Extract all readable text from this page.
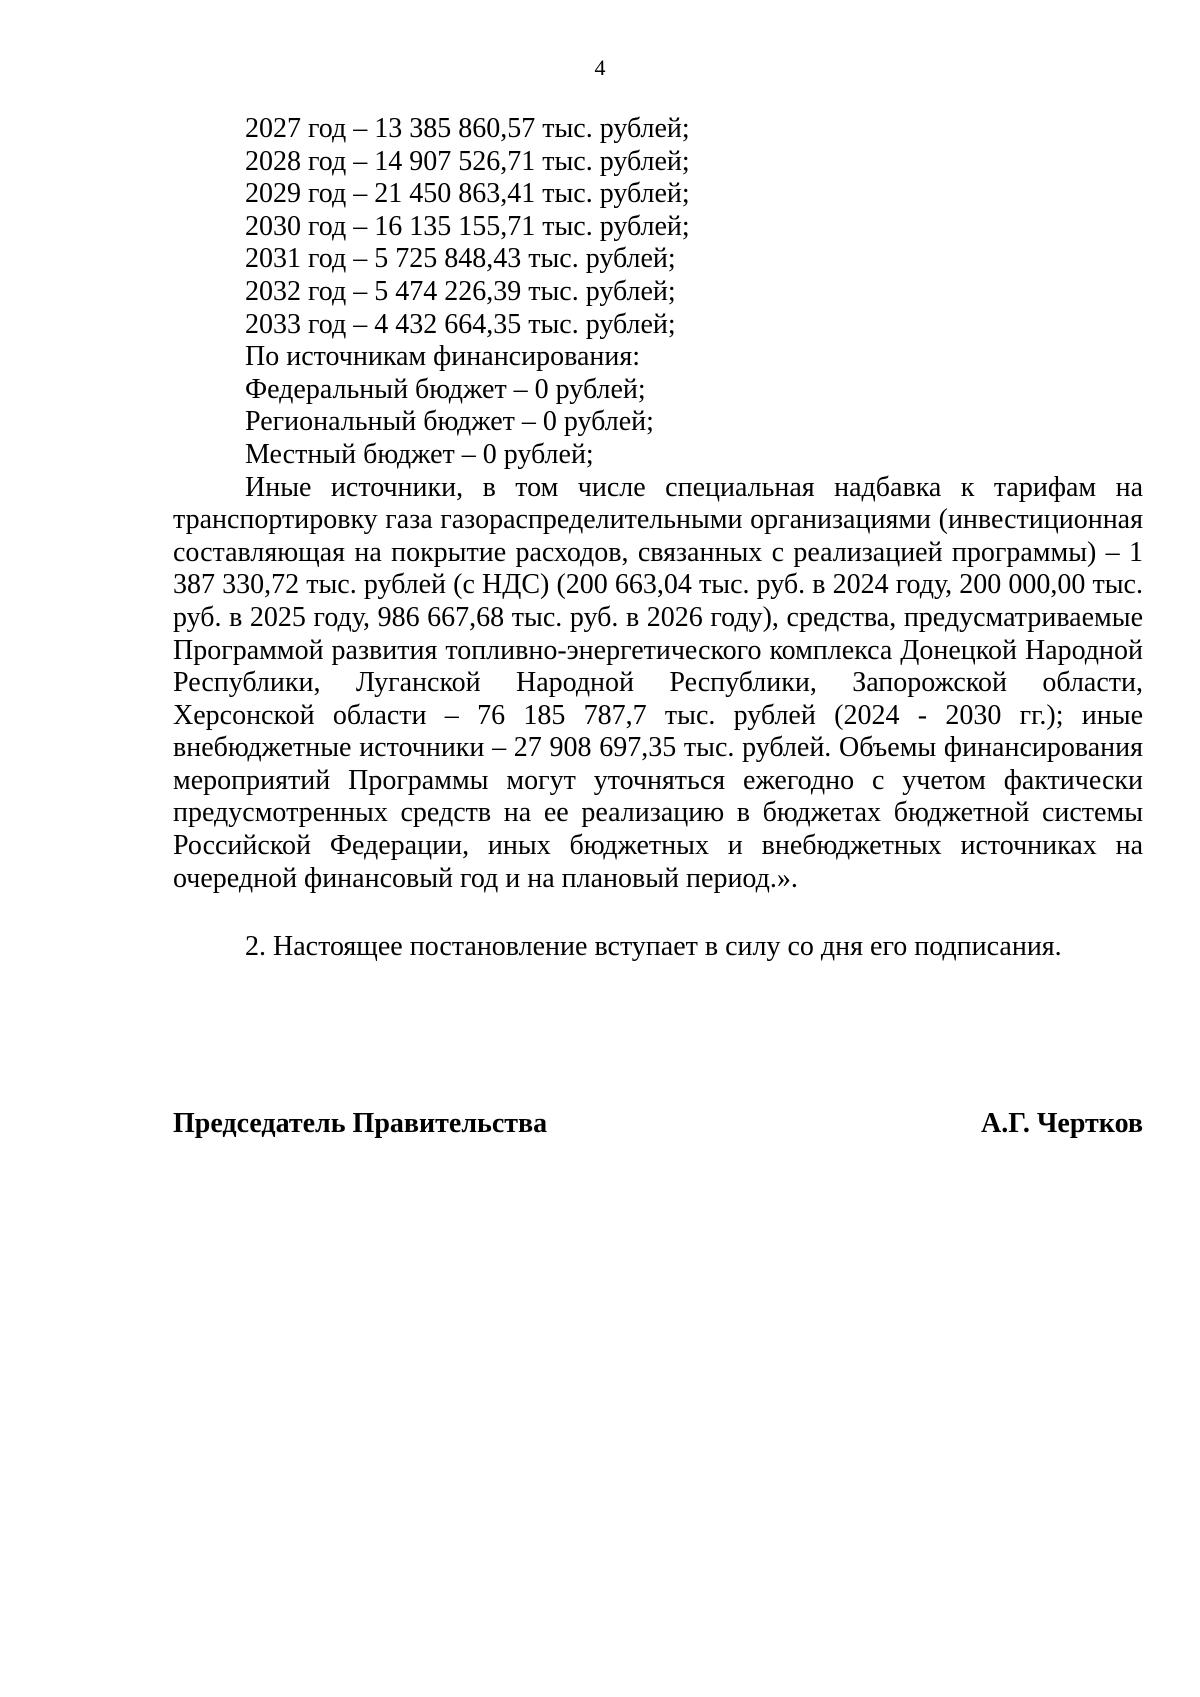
4

2027 год – 13 385 860,57 тыс. рублей;

2028 год – 14 907 526,71 тыс. рублей;

2029 год – 21 450 863,41 тыс. рублей;

2030 год – 16 135 155,71 тыс. рублей;

2031 год – 5 725 848,43 тыс. рублей;

2032 год – 5 474 226,39 тыс. рублей;

2033 год – 4 432 664,35 тыс. рублей;

По источникам финансирования:

Федеральный бюджет – 0 рублей;

Региональный бюджет – 0 рублей;

Местный бюджет – 0 рублей;

Иные источники, в том числе специальная надбавка к тарифам на транспортировку газа газораспределительными организациями (инвестиционная составляющая на покрытие расходов, связанных с реализацией программы) – 1 387 330,72 тыс. рублей (с НДС) (200 663,04 тыс. руб. в 2024 году, 200 000,00 тыс. руб. в 2025 году, 986 667,68 тыс. руб. в 2026 году), средства, предусматриваемые Программой развития топливно-энергетического комплекса Донецкой Народной Республики, Луганской Народной Республики, Запорожской области, Херсонской области – 76 185 787,7 тыс. рублей (2024 - 2030 гг.); иные внебюджетные источники – 27 908 697,35 тыс. рублей. Объемы финансирования мероприятий Программы могут уточняться ежегодно с учетом фактически предусмотренных средств на ее реализацию в бюджетах бюджетной системы Российской Федерации, иных бюджетных и внебюджетных источниках на очередной финансовый год и на плановый период.».

2. Настоящее постановление вступает в силу со дня его подписания.

Председатель Правительства	А.Г. Чертков
